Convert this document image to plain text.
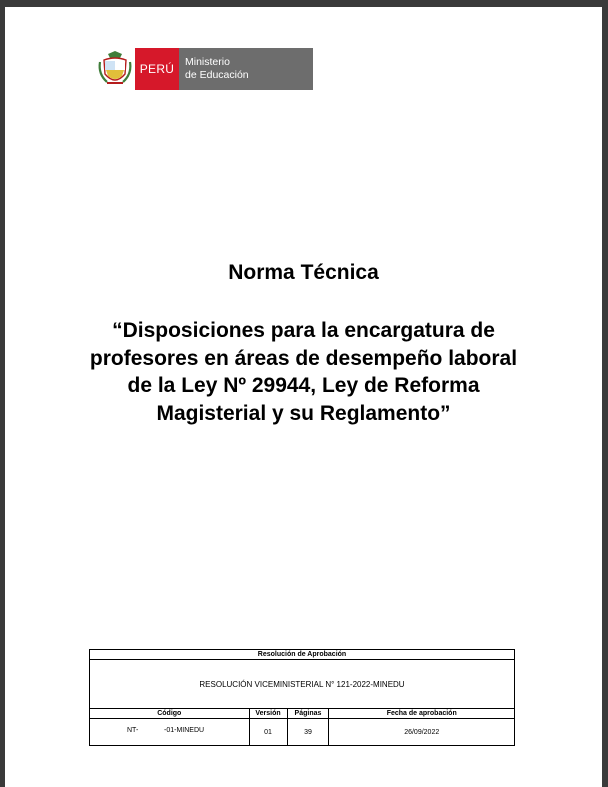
PERÚ	Ministerio
de Educación
Norma Técnica
“Disposiciones para la encargatura de profesores en áreas de desempeño laboral de la Ley Nº 29944, Ley de Reforma Magisterial y su Reglamento”
Resolución de Aprobación			
RESOLUCIÓN VICEMINISTERIAL N° 121-2022-MINEDU			
Código	Versión	Páginas	Fecha de aprobación

NT- -01-MINEDU	01	39	26/09/2022
